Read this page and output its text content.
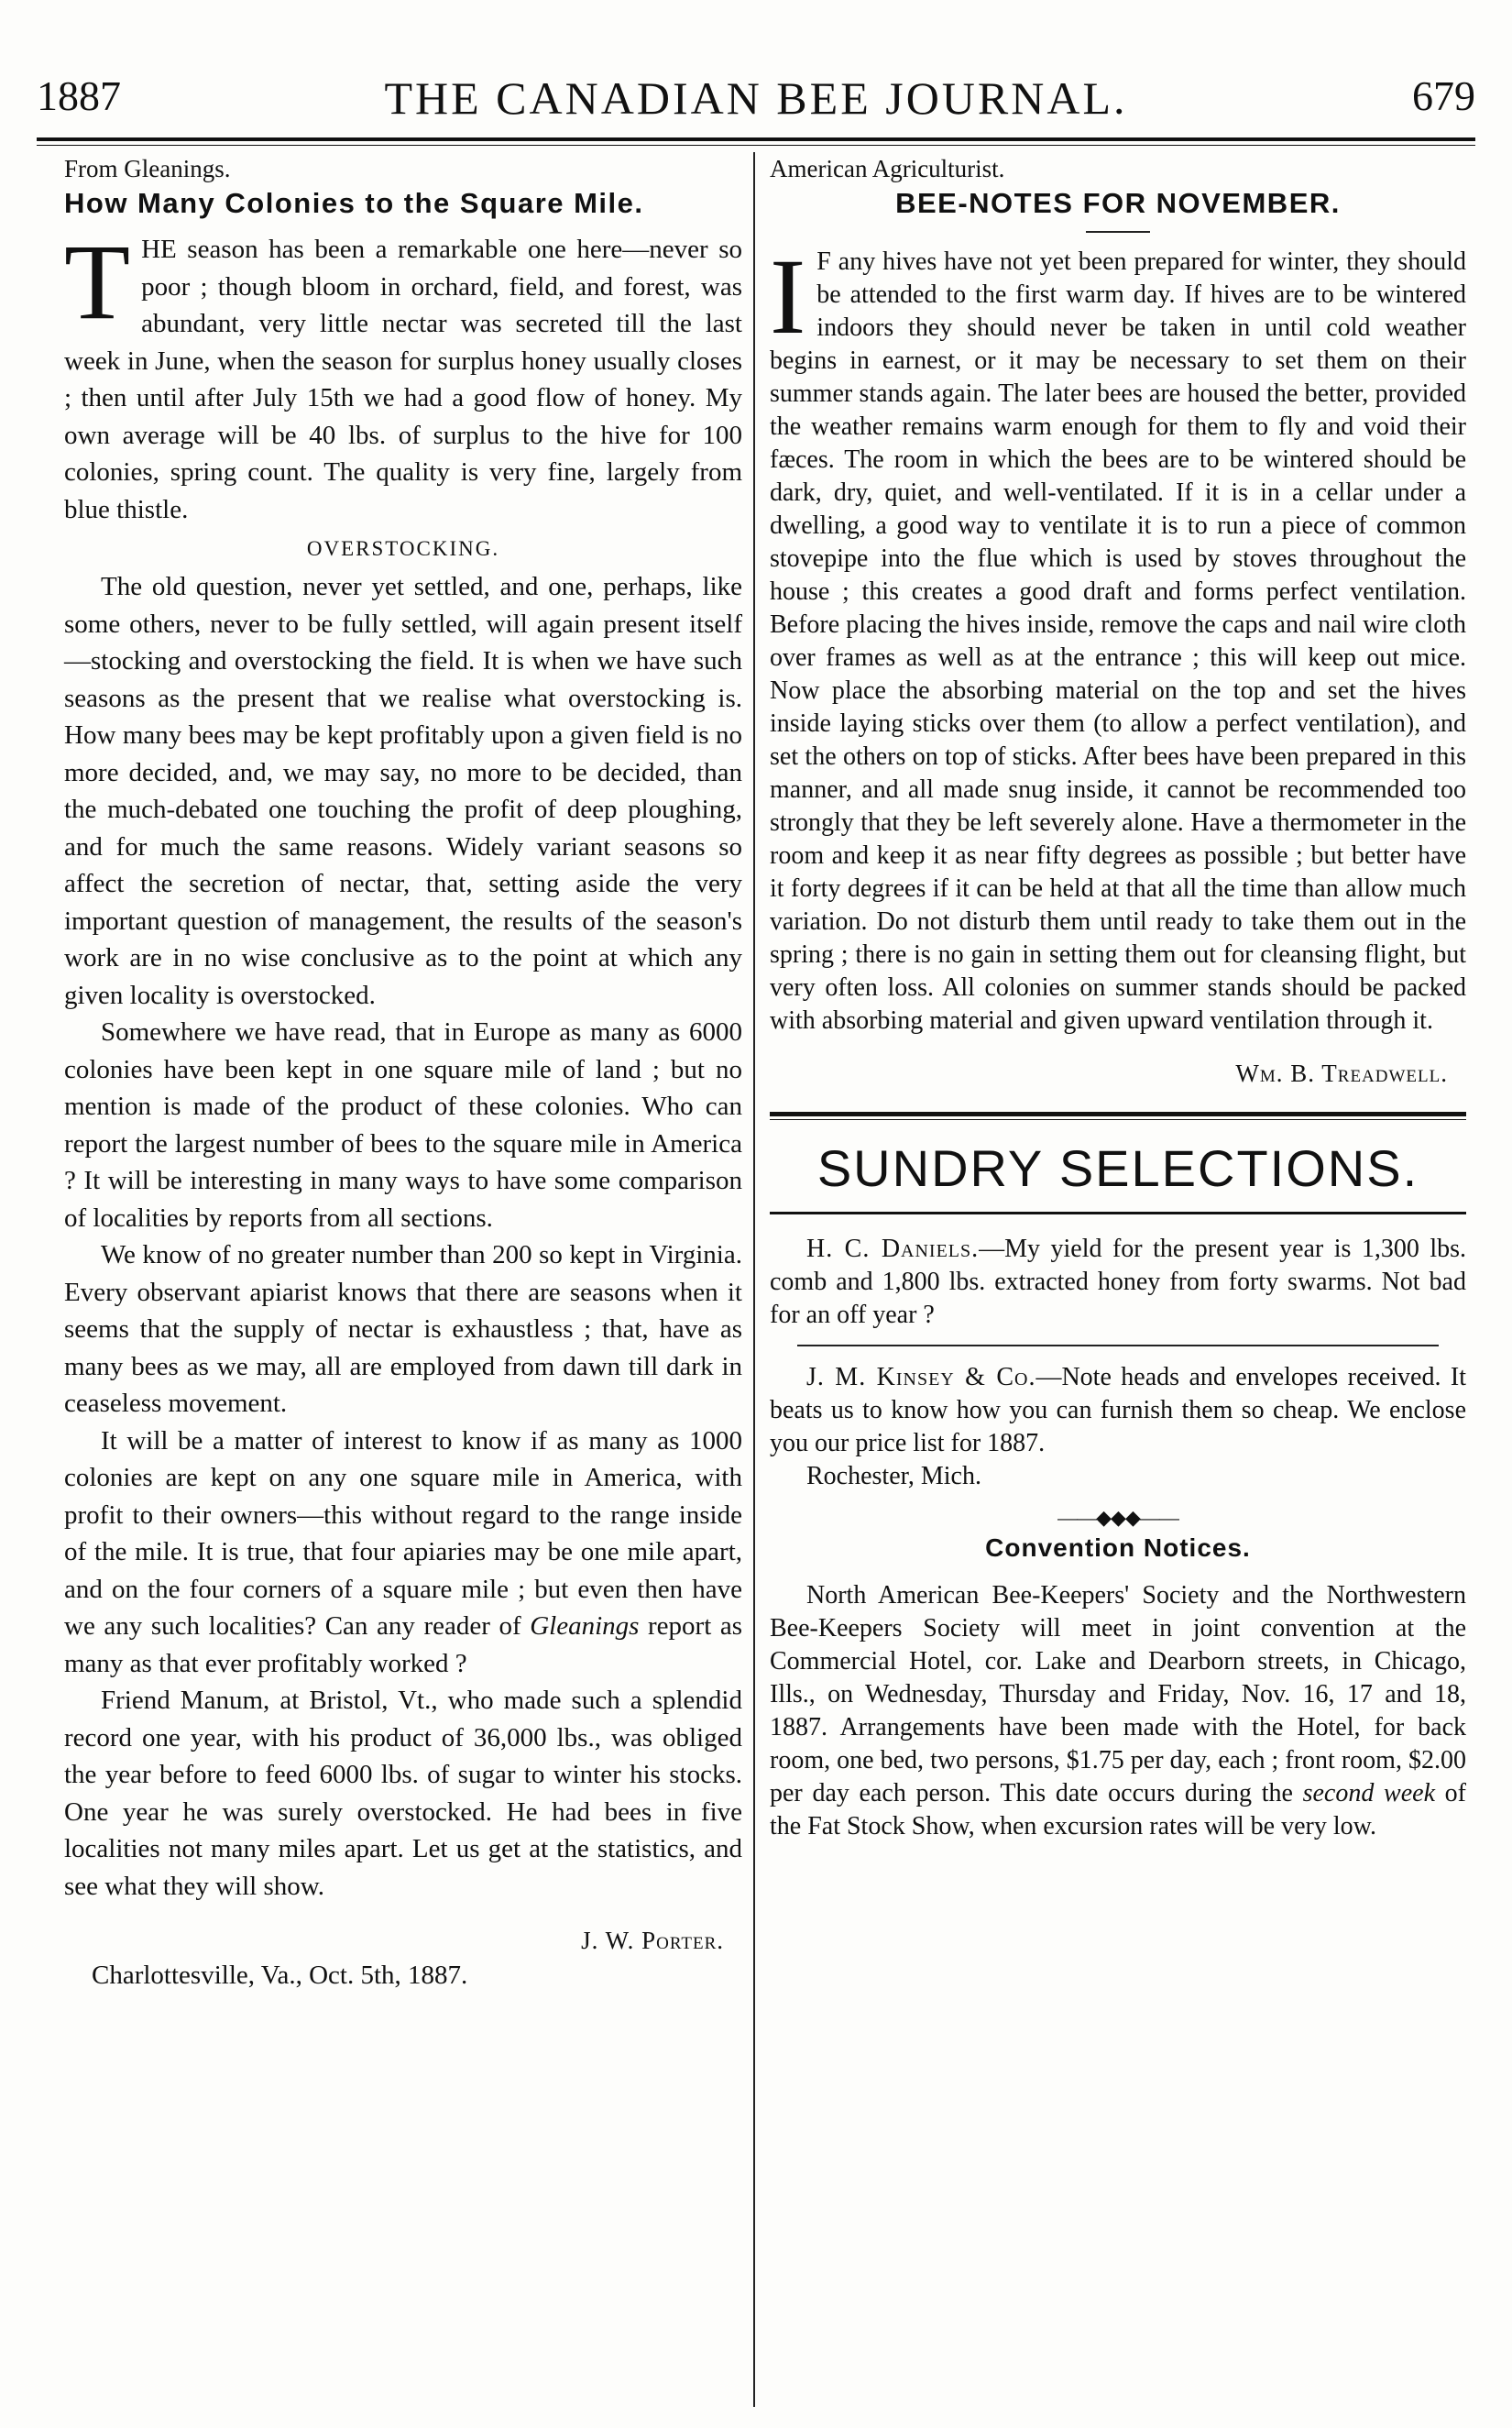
1887	THE CANADIAN BEE JOURNAL.	679

From Gleanings.

How Many Colonies to the Square Mile.

THE season has been a remarkable one here—never so poor ; though bloom in orchard, field, and forest, was abundant, very little nectar was secreted till the last week in June, when the season for surplus honey usually closes ; then until after July 15th we had a good flow of honey. My own average will be 40 lbs. of surplus to the hive for 100 colonies, spring count. The quality is very fine, largely from blue thistle.

OVERSTOCKING.

The old question, never yet settled, and one, perhaps, like some others, never to be fully settled, will again present itself—stocking and overstocking the field. It is when we have such seasons as the present that we realise what overstocking is. How many bees may be kept profitably upon a given field is no more decided, and, we may say, no more to be decided, than the much-debated one touching the profit of deep ploughing, and for much the same reasons. Widely variant seasons so affect the secretion of nectar, that, setting aside the very important question of management, the results of the season's work are in no wise conclusive as to the point at which any given locality is overstocked.

Somewhere we have read, that in Europe as many as 6000 colonies have been kept in one square mile of land ; but no mention is made of the product of these colonies. Who can report the largest number of bees to the square mile in America ? It will be interesting in many ways to have some comparison of localities by reports from all sections.

We know of no greater number than 200 so kept in Virginia. Every observant apiarist knows that there are seasons when it seems that the supply of nectar is exhaustless ; that, have as many bees as we may, all are employed from dawn till dark in ceaseless movement.

It will be a matter of interest to know if as many as 1000 colonies are kept on any one square mile in America, with profit to their owners—this without regard to the range inside of the mile. It is true, that four apiaries may be one mile apart, and on the four corners of a square mile ; but even then have we any such localities? Can any reader of Gleanings report as many as that ever profitably worked ?

Friend Manum, at Bristol, Vt., who made such a splendid record one year, with his product of 36,000 lbs., was obliged the year before to feed 6000 lbs. of sugar to winter his stocks. One year he was surely overstocked. He had bees in five localities not many miles apart. Let us get at the statistics, and see what they will show.

J. W. Porter.
Charlottesville, Va., Oct. 5th, 1887.

American Agriculturist.

BEE-NOTES FOR NOVEMBER.

I F any hives have not yet been prepared for winter, they should be attended to the first warm day. If hives are to be wintered indoors they should never be taken in until cold weather begins in earnest, or it may be necessary to set them on their summer stands again. The later bees are housed the better, provided the weather remains warm enough for them to fly and void their fæces. The room in which the bees are to be wintered should be dark, dry, quiet, and well-ventilated. If it is in a cellar under a dwelling, a good way to ventilate it is to run a piece of common stovepipe into the flue which is used by stoves throughout the house ; this creates a good draft and forms perfect ventilation. Before placing the hives inside, remove the caps and nail wire cloth over frames as well as at the entrance ; this will keep out mice. Now place the absorbing material on the top and set the hives inside laying sticks over them (to allow a perfect ventilation), and set the others on top of sticks. After bees have been prepared in this manner, and all made snug inside, it cannot be recommended too strongly that they be left severely alone. Have a thermometer in the room and keep it as near fifty degrees as possible ; but better have it forty degrees if it can be held at that all the time than allow much variation. Do not disturb them until ready to take them out in the spring ; there is no gain in setting them out for cleansing flight, but very often loss. All colonies on summer stands should be packed with absorbing material and given upward ventilation through it.

Wm. B. Treadwell.
SUNDRY SELECTIONS.

H. C. Daniels.—My yield for the present year is 1,300 lbs. comb and 1,800 lbs. extracted honey from forty swarms. Not bad for an off year ?

J. M. Kinsey & Co.—Note heads and envelopes received. It beats us to know how you can furnish them so cheap. We enclose you our price list for 1887.

Rochester, Mich.

——◆◆◆——
Convention Notices.

North American Bee-Keepers' Society and the Northwestern Bee-Keepers Society will meet in joint convention at the Commercial Hotel, cor. Lake and Dearborn streets, in Chicago, Ills., on Wednesday, Thursday and Friday, Nov. 16, 17 and 18, 1887. Arrangements have been made with the Hotel, for back room, one bed, two persons, $1.75 per day, each ; front room, $2.00 per day each person. This date occurs during the second week of the Fat Stock Show, when excursion rates will be very low.
